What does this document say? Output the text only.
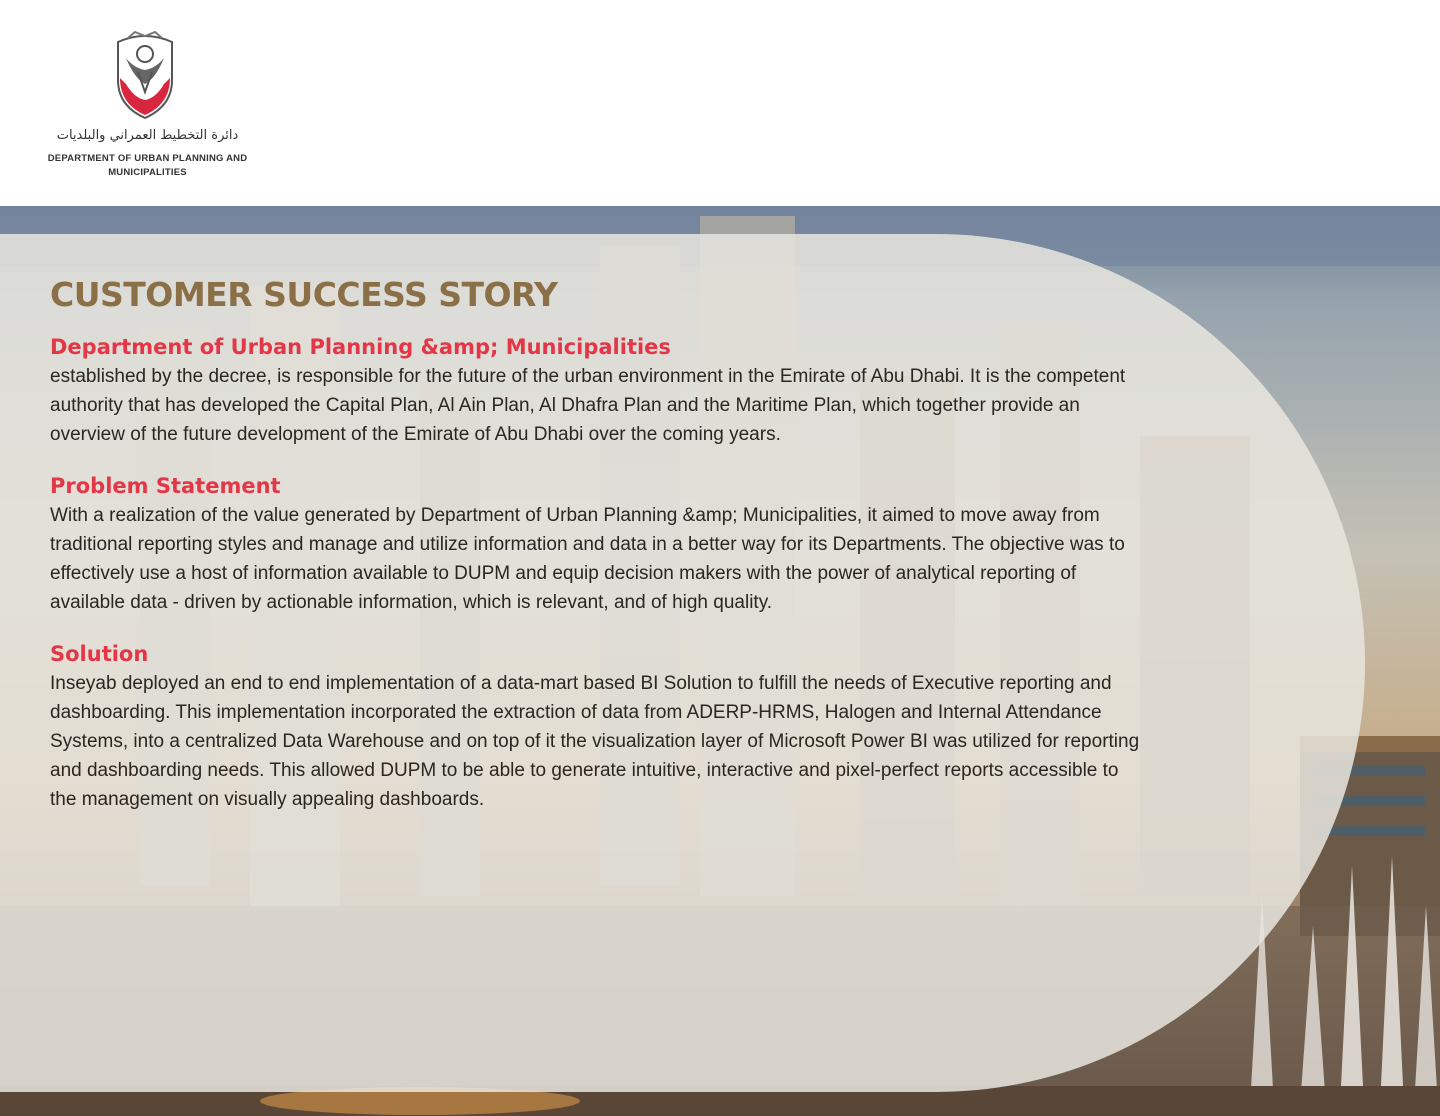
دائرة التخطيط العمراني والبلديات
DEPARTMENT OF URBAN PLANNING AND MUNICIPALITIES
CUSTOMER SUCCESS STORY
Department of Urban Planning &amp; Municipalities

established by the decree, is responsible for the future of the urban environment in the Emirate of Abu Dhabi. It is the competent authority that has developed the Capital Plan, Al Ain Plan, Al Dhafra Plan and the Maritime Plan, which together provide an overview of the future development of the Emirate of Abu Dhabi over the coming years.

Problem Statement

With a realization of the value generated by Department of Urban Planning &amp; Municipalities, it aimed to move away from traditional reporting styles and manage and utilize information and data in a better way for its Departments. The objective was to effectively use a host of information available to DUPM and equip decision makers with the power of analytical reporting of available data - driven by actionable information, which is relevant, and of high quality.

Solution

Inseyab deployed an end to end implementation of a data-mart based BI Solution to fulfill the needs of Executive reporting and dashboarding. This implementation incorporated the extraction of data from ADERP-HRMS, Halogen and Internal Attendance Systems, into a centralized Data Warehouse and on top of it the visualization layer of Microsoft Power BI was utilized for reporting and dashboarding needs. This allowed DUPM to be able to generate intuitive, interactive and pixel-perfect reports accessible to the management on visually appealing dashboards.
